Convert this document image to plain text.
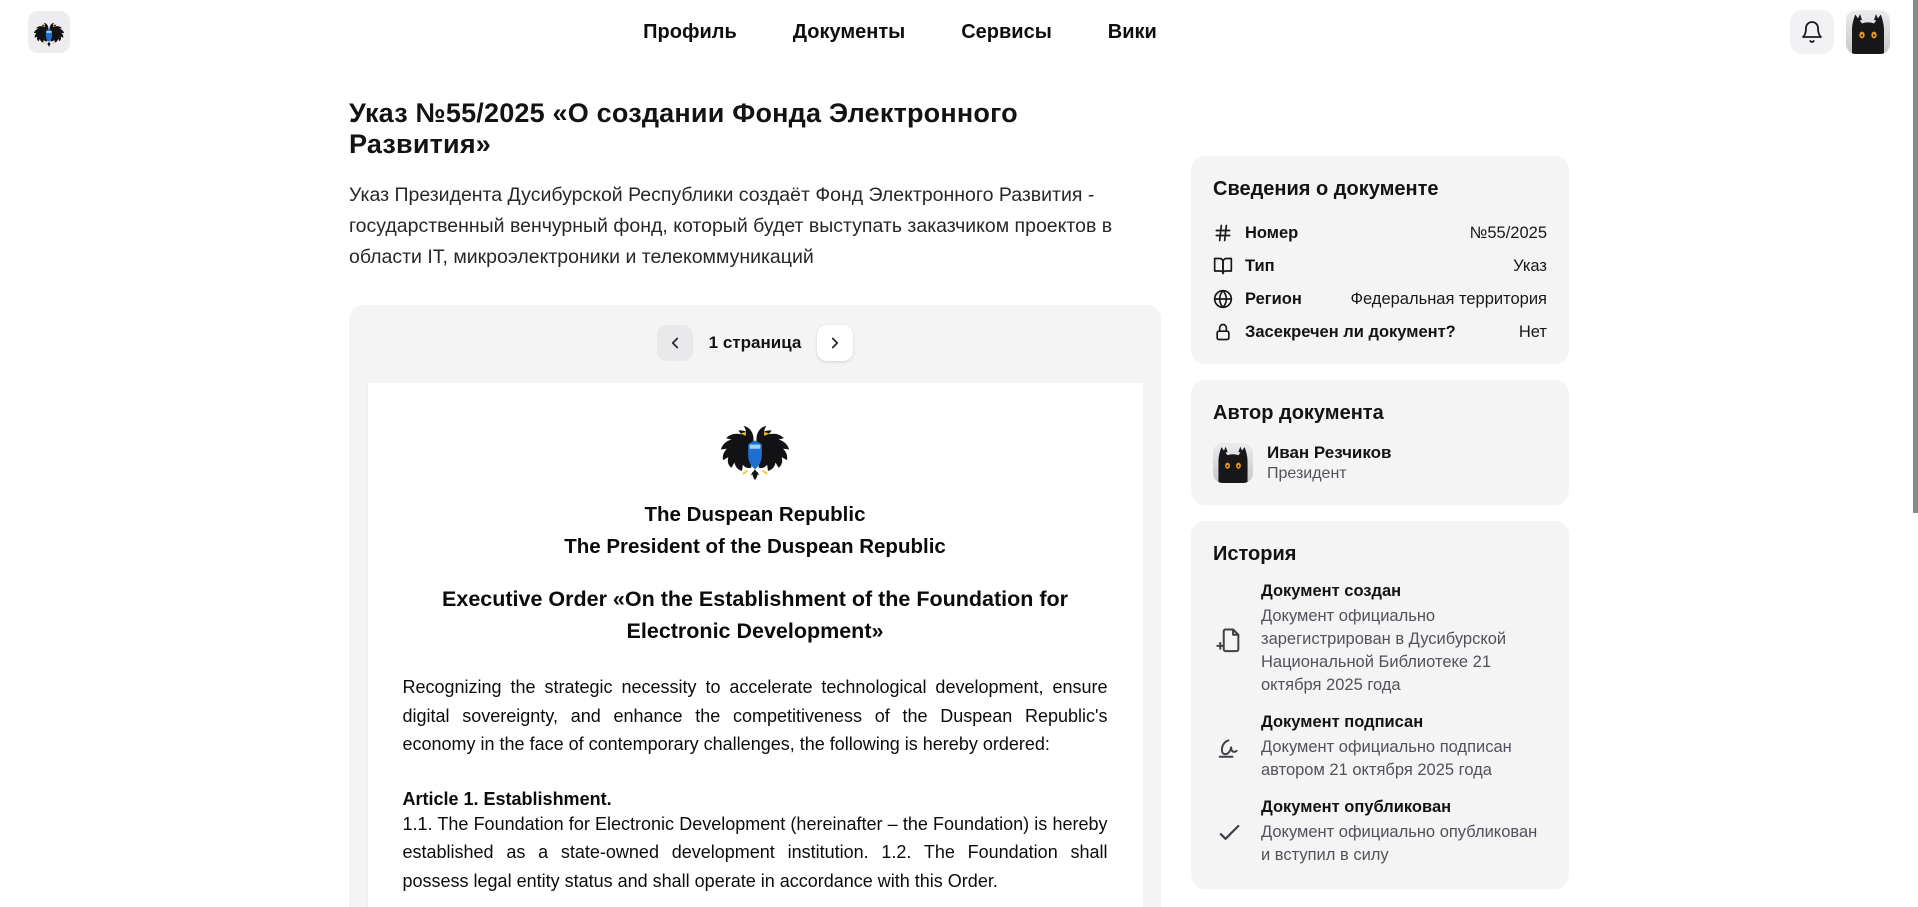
Профиль	Документы	Сервисы	Вики
Указ №55/2025 «О создании Фонда Электронного Развития»

Указ Президента Дусибурской Республики создаёт Фонд Электронного Развития - государственный венчурный фонд, который будет выступать заказчиком проектов в области IT, микроэлектроники и телекоммуникаций

1 страница
The Duspean Republic
The President of the Duspean Republic
Executive Order «On the Establishment of the Foundation for Electronic Development»

Recognizing the strategic necessity to accelerate technological development, ensure digital sovereignty, and enhance the competitiveness of the Duspean Republic's economy in the face of contemporary challenges, the following is hereby ordered:

Article 1. Establishment.

1.1. The Foundation for Electronic Development (hereinafter – the Foundation) is hereby established as a state-owned development institution. 1.2. The Foundation shall possess legal entity status and shall operate in accordance with this Order.

Сведения о документе
Номер	№55/2025
Тип	Указ
Регион	Федеральная территория
Засекречен ли документ?	Нет
Автор документа
Иван Резчиков
Президент
История
Документ создан
Документ официально зарегистрирован в Дусибурской Национальной Библиотеке 21 октября 2025 года
Документ подписан
Документ официально подписан автором 21 октября 2025 года
Документ опубликован
Документ официально опубликован и вступил в силу
